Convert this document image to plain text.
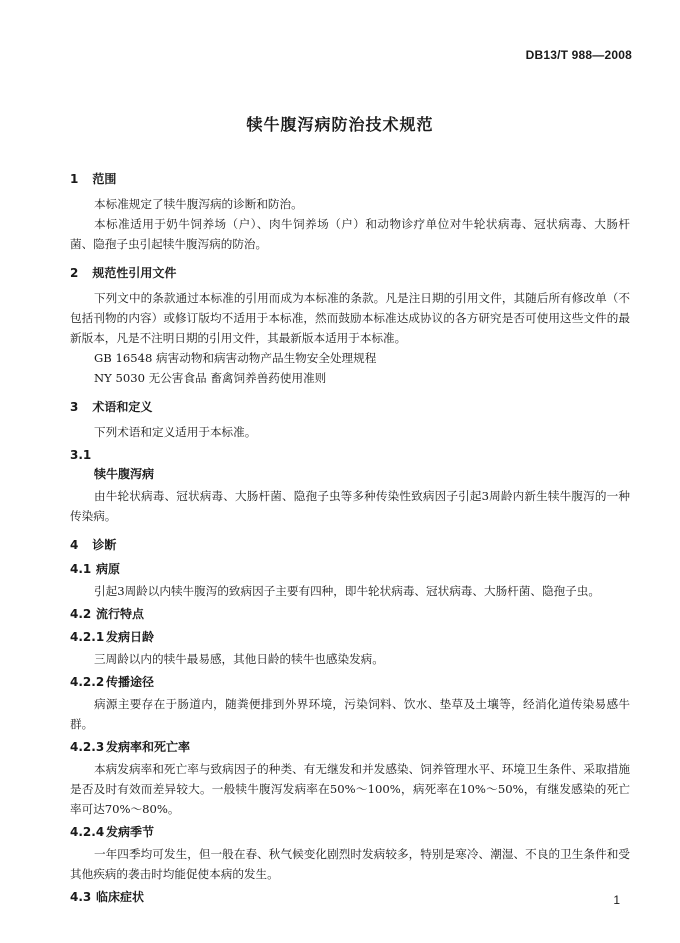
DB13/T 988—2008
犊牛腹泻病防治技术规范
1 范围

本标准规定了犊牛腹泻病的诊断和防治。

本标准适用于奶牛饲养场（户）、肉牛饲养场（户）和动物诊疗单位对牛轮状病毒、冠状病毒、大肠杆菌、隐孢子虫引起犊牛腹泻病的防治。

2 规范性引用文件

下列文中的条款通过本标准的引用而成为本标准的条款。凡是注日期的引用文件，其随后所有修改单（不包括刊物的内容）或修订版均不适用于本标准，然而鼓励本标准达成协议的各方研究是否可使用这些文件的最新版本，凡是不注明日期的引用文件，其最新版本适用于本标准。

GB 16548 病害动物和病害动物产品生物安全处理规程
NY 5030 无公害食品 畜禽饲养兽药使用准则
3 术语和定义

下列术语和定义适用于本标准。

3.1
犊牛腹泻病

由牛轮状病毒、冠状病毒、大肠杆菌、隐孢子虫等多种传染性致病因子引起3周龄内新生犊牛腹泻的一种传染病。

4 诊断
4.1 病原

引起3周龄以内犊牛腹泻的致病因子主要有四种，即牛轮状病毒、冠状病毒、大肠杆菌、隐孢子虫。

4.2 流行特点
4.2.1 发病日龄

三周龄以内的犊牛最易感，其他日龄的犊牛也感染发病。

4.2.2 传播途径

病源主要存在于肠道内，随粪便排到外界环境，污染饲料、饮水、垫草及土壤等，经消化道传染易感牛群。

4.2.3 发病率和死亡率

本病发病率和死亡率与致病因子的种类、有无继发和并发感染、饲养管理水平、环境卫生条件、采取措施是否及时有效而差异较大。一般犊牛腹泻发病率在50%～100%，病死率在10%～50%，有继发感染的死亡率可达70%～80%。

4.2.4 发病季节

一年四季均可发生，但一般在春、秋气候变化剧烈时发病较多，特别是寒冷、潮湿、不良的卫生条件和受其他疾病的袭击时均能促使本病的发生。

4.3 临床症状	1
